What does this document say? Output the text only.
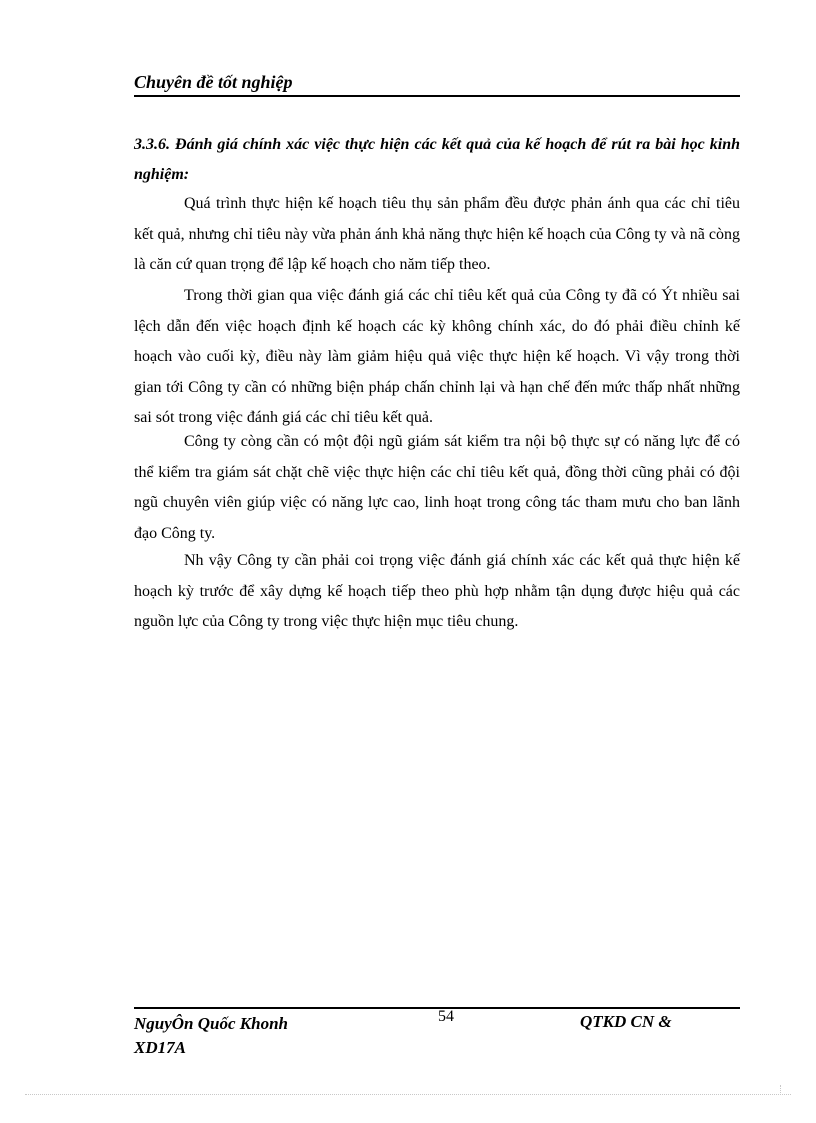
Chuyên đề tốt nghiệp
3.3.6. Đánh giá chính xác việc thực hiện các kết quả của kế hoạch để rút ra bài học kinh nghiệm:
Quá trình thực hiện kế hoạch tiêu thụ sản phẩm đều được phản ánh qua các chỉ tiêu kết quả, nhưng chỉ tiêu này vừa phản ánh khả năng thực hiện kế hoạch của Công ty và nã còng là căn cứ quan trọng để lập kế hoạch cho năm tiếp theo.
Trong thời gian qua việc đánh giá các chỉ tiêu kết quả của Công ty đã có Ýt nhiều sai lệch dẫn đến việc hoạch định kế hoạch các kỳ không chính xác, do đó phải điều chỉnh kế hoạch vào cuối kỳ, điều này làm giảm hiệu quả việc thực hiện kế hoạch. Vì vậy trong thời gian tới Công ty cần có những biện pháp chấn chỉnh lại và hạn chế đến mức thấp nhất những sai sót trong việc đánh giá các chỉ tiêu kết quả.
Công ty còng cần có một đội ngũ giám sát kiểm tra nội bộ thực sự có năng lực để có thể kiểm tra giám sát chặt chẽ việc thực hiện các chỉ tiêu kết quả, đồng thời cũng phải có đội ngũ chuyên viên giúp việc có năng lực cao, linh hoạt trong công tác tham mưu cho ban lãnh đạo Công ty.
Nh vậy Công ty cần phải coi trọng việc đánh giá chính xác các kết quả thực hiện kế hoạch kỳ trước để xây dựng kế hoạch tiếp theo phù hợp nhằm tận dụng được hiệu quả các nguồn lực của Công ty trong việc thực hiện mục tiêu chung.
NguyÔn Quốc Khonh
XD17A
54	QTKD CN &
